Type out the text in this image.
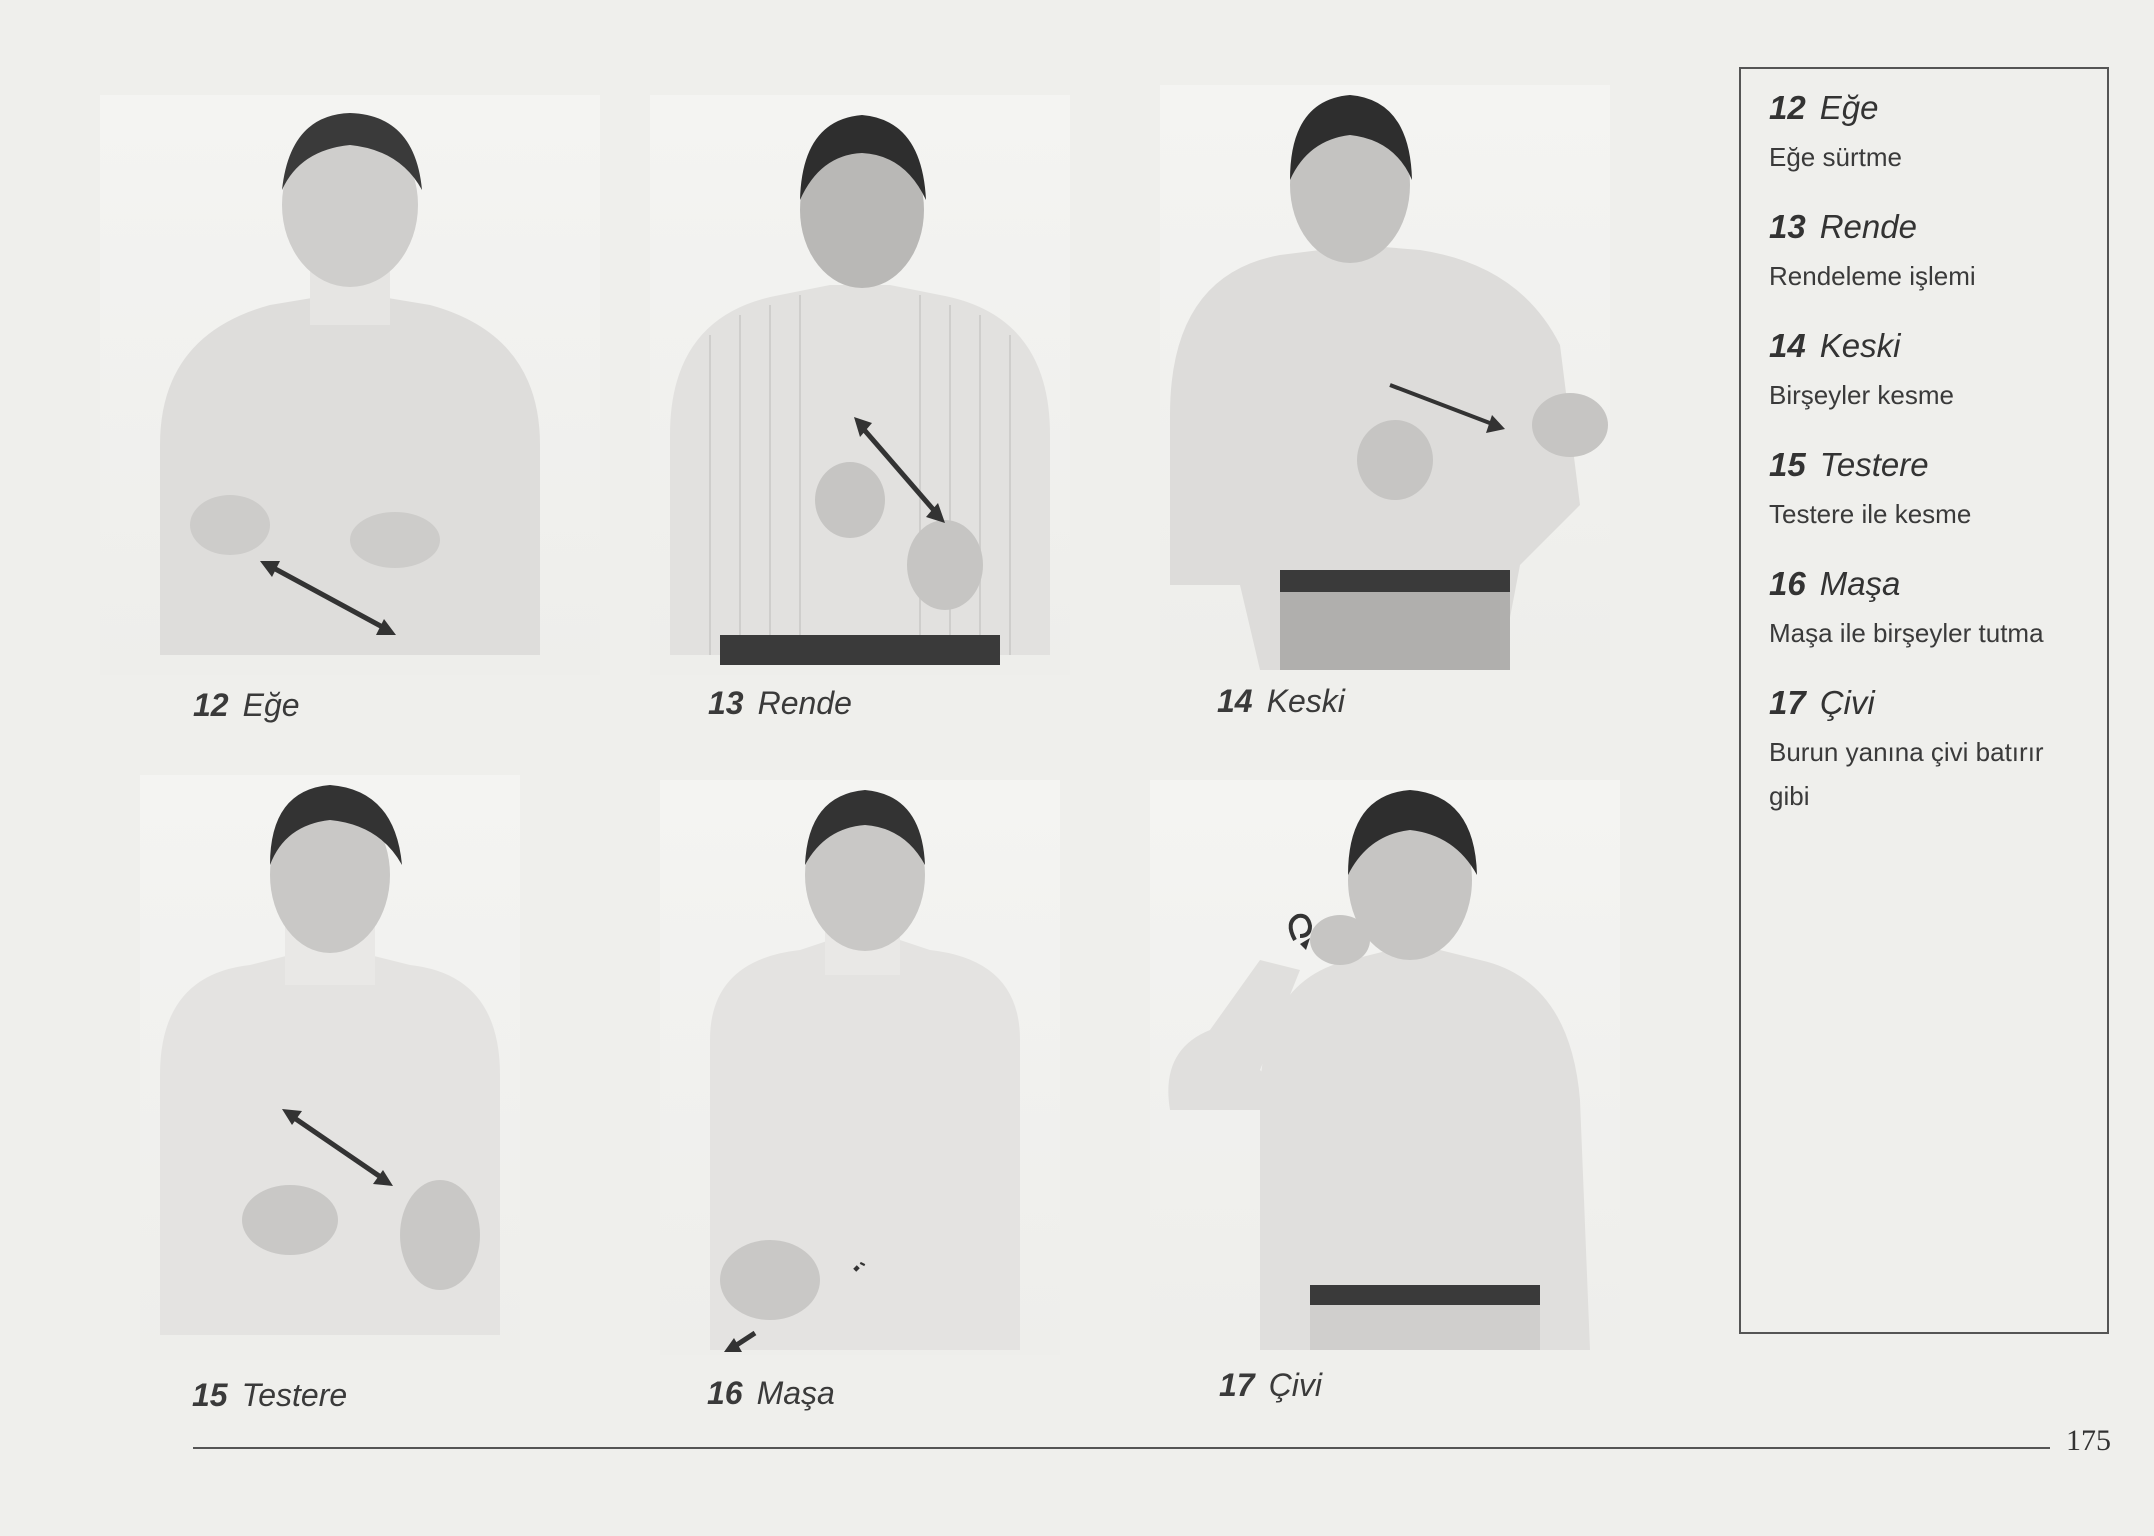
12 Eğe	13 Rende	14 Keski
15 Testere	16 Maşa	17 Çivi
12 Eğe
Eğe sürtme
13 Rende
Rendeleme işlemi
14 Keski
Birşeyler kesme
15 Testere
Testere ile kesme
16 Maşa
Maşa ile birşeyler tutma
17 Çivi
Burun yanına çivi batırır gibi
175
